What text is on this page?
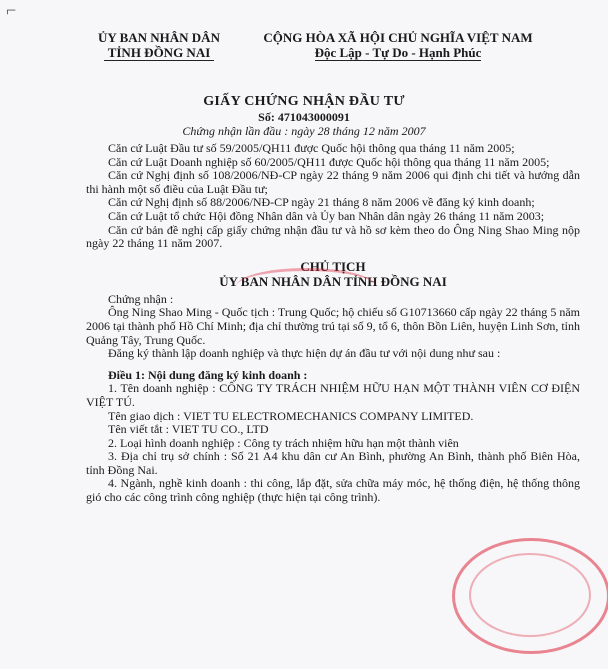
⌐
ỦY BAN NHÂN DÂN
TỈNH ĐỒNG NAI
CỘNG HÒA XÃ HỘI CHỦ NGHĨA VIỆT NAM
Độc Lập - Tự Do - Hạnh Phúc
GIẤY CHỨNG NHẬN ĐẦU TƯ
Số: 471043000091
Chứng nhận lần đầu : ngày 28 tháng 12 năm 2007

Căn cứ Luật Đầu tư số 59/2005/QH11 được Quốc hội thông qua tháng 11 năm 2005;

Căn cứ Luật Doanh nghiệp số 60/2005/QH11 được Quốc hội thông qua tháng 11 năm 2005;

Căn cứ Nghị định số 108/2006/NĐ-CP ngày 22 tháng 9 năm 2006 qui định chi tiết và hướng dẫn thi hành một số điều của Luật Đầu tư;

Căn cứ Nghị định số 88/2006/NĐ-CP ngày 21 tháng 8 năm 2006 về đăng ký kinh doanh;

Căn cứ Luật tổ chức Hội đồng Nhân dân và Ủy ban Nhân dân ngày 26 tháng 11 năm 2003;

Căn cứ bản đề nghị cấp giấy chứng nhận đầu tư và hồ sơ kèm theo do Ông Ning Shao Ming nộp ngày 22 tháng 11 năm 2007.

CHỦ TỊCH
ỦY BAN NHÂN DÂN TỈNH ĐỒNG NAI

Chứng nhận :

Ông Ning Shao Ming - Quốc tịch : Trung Quốc; hộ chiếu số G10713660 cấp ngày 22 tháng 5 năm 2006 tại thành phố Hồ Chí Minh; địa chỉ thường trú tại số 9, tổ 6, thôn Bồn Liên, huyện Linh Sơn, tỉnh Quảng Tây, Trung Quốc.

Đăng ký thành lập doanh nghiệp và thực hiện dự án đầu tư với nội dung như sau :

Điều 1: Nội dung đăng ký kinh doanh :

1. Tên doanh nghiệp : CÔNG TY TRÁCH NHIỆM HỮU HẠN MỘT THÀNH VIÊN CƠ ĐIỆN VIỆT TÚ.

Tên giao dịch : VIET TU ELECTROMECHANICS COMPANY LIMITED.

Tên viết tắt : VIET TU CO., LTD

2. Loại hình doanh nghiệp : Công ty trách nhiệm hữu hạn một thành viên

3. Địa chỉ trụ sở chính : Số 21 A4 khu dân cư An Bình, phường An Bình, thành phố Biên Hòa, tỉnh Đồng Nai.

4. Ngành, nghề kinh doanh : thi công, lắp đặt, sửa chữa máy móc, hệ thống điện, hệ thống thông gió cho các công trình công nghiệp (thực hiện tại công trình).
